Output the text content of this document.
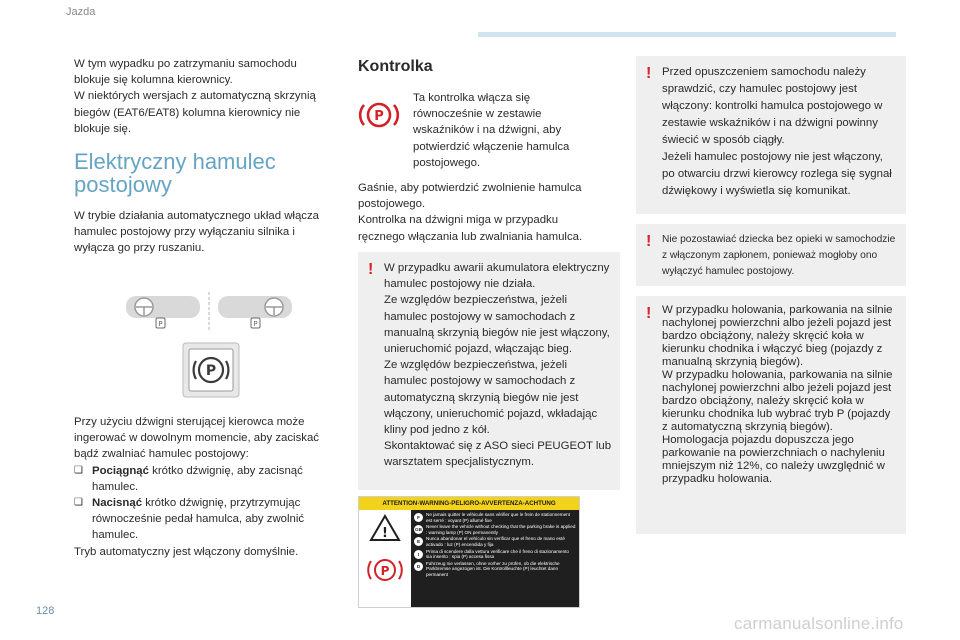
Jazda
W tym wypadku po zatrzymaniu samochodu blokuje się kolumna kierownicy.
W niektórych wersjach z automatyczną skrzynią biegów (EAT6/EAT8) kolumna kierownicy nie blokuje się.
Elektryczny hamulec postojowy
W trybie działania automatycznego układ włącza hamulec postojowy przy wyłączaniu silnika i wyłącza go przy ruszaniu.
P	P
P
Przy użyciu dźwigni sterującej kierowca może ingerować w dowolnym momencie, aby zaciskać bądź zwalniać hamulec postojowy:
❏ Pociągnąć krótko dźwignię, aby zacisnąć hamulec.
❏ Nacisnąć krótko dźwignię, przytrzymując równocześnie pedał hamulca, aby zwolnić hamulec.
Tryb automatyczny jest włączony domyślnie.
Kontrolka
P
Ta kontrolka włącza się równocześnie w zestawie wskaźników i na dźwigni, aby potwierdzić włączenie hamulca postojowego.
Gaśnie, aby potwierdzić zwolnienie hamulca postojowego.
Kontrolka na dźwigni miga w przypadku ręcznego włączania lub zwalniania hamulca.
! W przypadku awarii akumulatora elektryczny hamulec postojowy nie działa.
Ze względów bezpieczeństwa, jeżeli hamulec postojowy w samochodach z manualną skrzynią biegów nie jest włączony, unieruchomić pojazd, włączając bieg.
Ze względów bezpieczeństwa, jeżeli hamulec postojowy w samochodach z automatyczną skrzynią biegów nie jest włączony, unieruchomić pojazd, wkładając kliny pod jedno z kół.
Skontaktować się z ASO sieci PEUGEOT lub warsztatem specjalistycznym.
ATTENTION-WARNING-PELIGRO-AVVERTENZA-ACHTUNG
!
P
F
Ne jamais quitter le véhicule sans vérifier que le frein de stationnement est serré : voyant (P) allumé fixe
GB
Never leave the vehicle without checking that the parking brake is applied : warning lamp (P) ON permanently
E
Nunca abandonar el vehículo sin verificar que el freno de mano esté activado : luz (P) encendida y fija
I
Prima di scendere dalla vettura verificare che il freno di stazionamento sia inserito : spia (P) accesa fissa
D
Fahrzeug nie verlassen, ohne vorher zu prüfen, ob die elektrische Parkbremse angezogen ist. Die Kontrollleuchte (P) leuchtet dann permanent
! Przed opuszczeniem samochodu należy sprawdzić, czy hamulec postojowy jest włączony: kontrolki hamulca postojowego w zestawie wskaźników i na dźwigni powinny świecić w sposób ciągły.
Jeżeli hamulec postojowy nie jest włączony, po otwarciu drzwi kierowcy rozlega się sygnał dźwiękowy i wyświetla się komunikat.
!	Nie pozostawiać dziecka bez opieki w samochodzie z włączonym zapłonem, ponieważ mogłoby ono wyłączyć hamulec postojowy.
! W przypadku holowania, parkowania na silnie nachylonej powierzchni albo jeżeli pojazd jest bardzo obciążony, należy skręcić koła w kierunku chodnika i włączyć bieg (pojazdy z manualną skrzynią biegów).
W przypadku holowania, parkowania na silnie nachylonej powierzchni albo jeżeli pojazd jest bardzo obciążony, należy skręcić koła w kierunku chodnika lub wybrać tryb P (pojazdy z automatyczną skrzynią biegów).
Homologacja pojazdu dopuszcza jego parkowanie na powierzchniach o nachyleniu mniejszym niż 12%, co należy uwzględnić w przypadku holowania.
128
carmanualsonline.info
